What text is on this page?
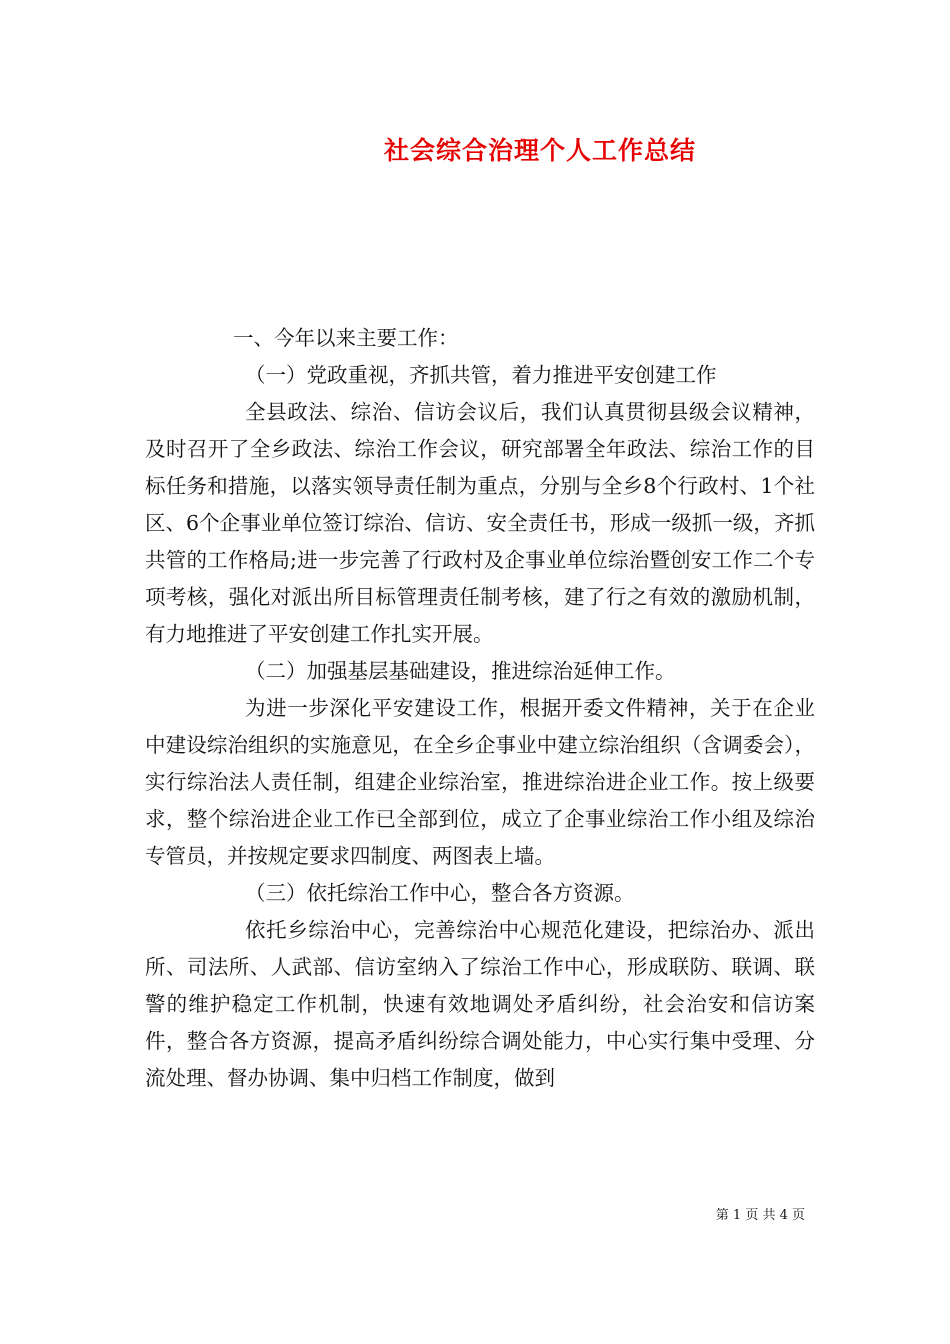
社会综合治理个人工作总结

一、今年以来主要工作：

（一）党政重视，齐抓共管，着力推进平安创建工作

全县政法、综治、信访会议后，我们认真贯彻县级会议精神，及时召开了全乡政法、综治工作会议，研究部署全年政法、综治工作的目标任务和措施，以落实领导责任制为重点，分别与全乡8个行政村、1个社区、6个企事业单位签订综治、信访、安全责任书，形成一级抓一级，齐抓共管的工作格局;进一步完善了行政村及企事业单位综治暨创安工作二个专项考核，强化对派出所目标管理责任制考核，建了行之有效的激励机制，有力地推进了平安创建工作扎实开展。

（二）加强基层基础建设，推进综治延伸工作。

为进一步深化平安建设工作，根据开委文件精神，关于在企业中建设综治组织的实施意见，在全乡企事业中建立综治组织（含调委会），实行综治法人责任制，组建企业综治室，推进综治进企业工作。按上级要求，整个综治进企业工作已全部到位，成立了企事业综治工作小组及综治专管员，并按规定要求四制度、两图表上墙。

（三）依托综治工作中心，整合各方资源。

依托乡综治中心，完善综治中心规范化建设，把综治办、派出所、司法所、人武部、信访室纳入了综治工作中心，形成联防、联调、联警的维护稳定工作机制，快速有效地调处矛盾纠纷，社会治安和信访案件，整合各方资源，提高矛盾纠纷综合调处能力，中心实行集中受理、分流处理、督办协调、集中归档工作制度，做到

第 1 页 共 4 页
